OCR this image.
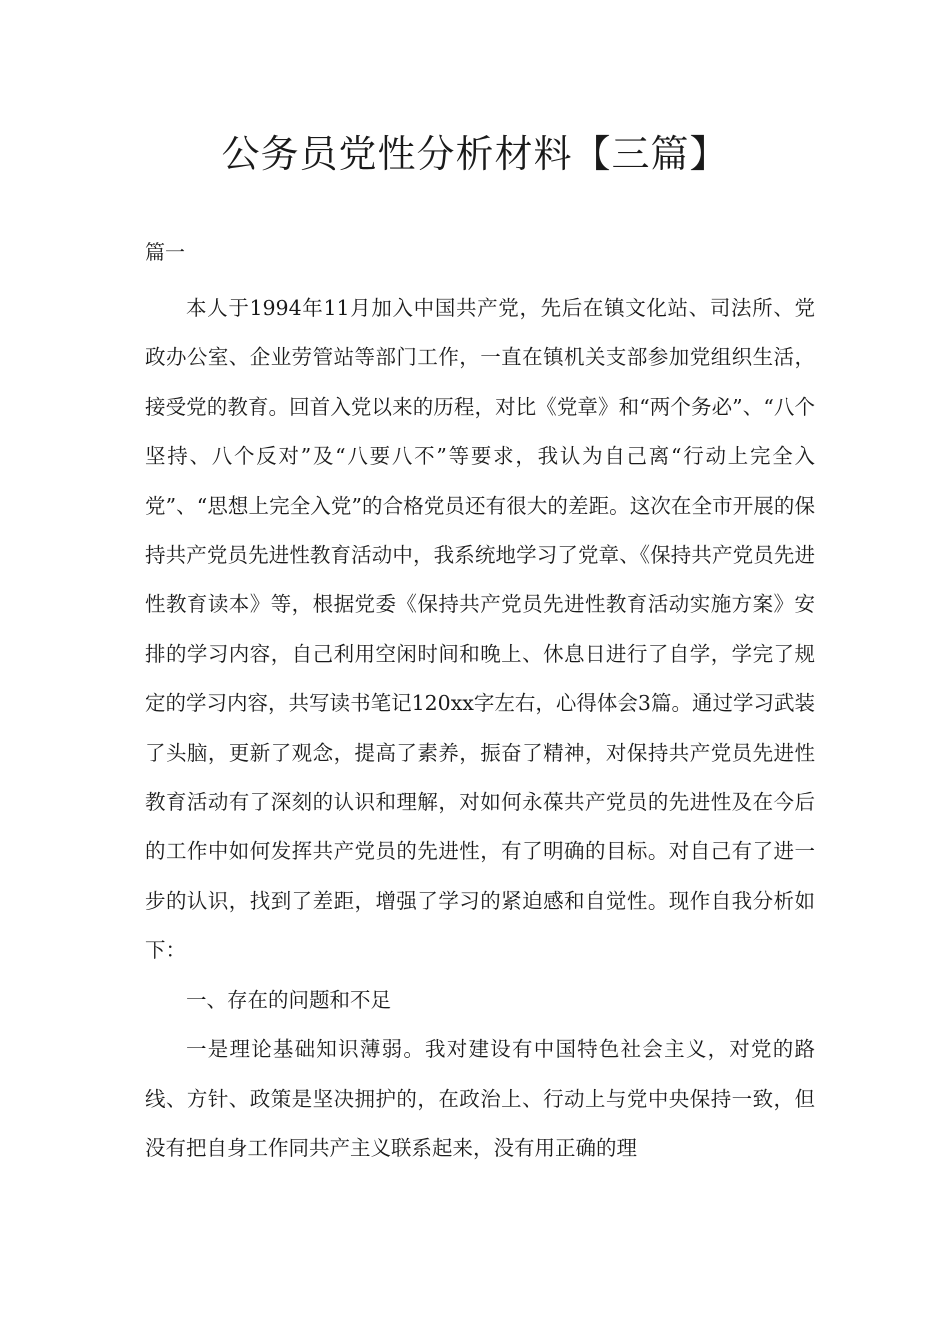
公务员党性分析材料【三篇】
篇一

本人于1994年11月加入中国共产党，先后在镇文化站、司法所、党政办公室、企业劳管站等部门工作，一直在镇机关支部参加党组织生活，接受党的教育。回首入党以来的历程，对比《党章》和“两个务必”、“八个坚持、八个反对”及“八要八不”等要求，我认为自己离“行动上完全入党”、“思想上完全入党”的合格党员还有很大的差距。这次在全市开展的保持共产党员先进性教育活动中，我系统地学习了党章、《保持共产党员先进性教育读本》等，根据党委《保持共产党员先进性教育活动实施方案》安排的学习内容，自己利用空闲时间和晚上、休息日进行了自学，学完了规定的学习内容，共写读书笔记120xx字左右，心得体会3篇。通过学习武装了头脑，更新了观念，提高了素养，振奋了精神，对保持共产党员先进性教育活动有了深刻的认识和理解，对如何永葆共产党员的先进性及在今后的工作中如何发挥共产党员的先进性，有了明确的目标。对自己有了进一步的认识，找到了差距，增强了学习的紧迫感和自觉性。现作自我分析如下：

一、存在的问题和不足

一是理论基础知识薄弱。我对建设有中国特色社会主义，对党的路线、方针、政策是坚决拥护的，在政治上、行动上与党中央保持一致，但没有把自身工作同共产主义联系起来，没有用正确的理
